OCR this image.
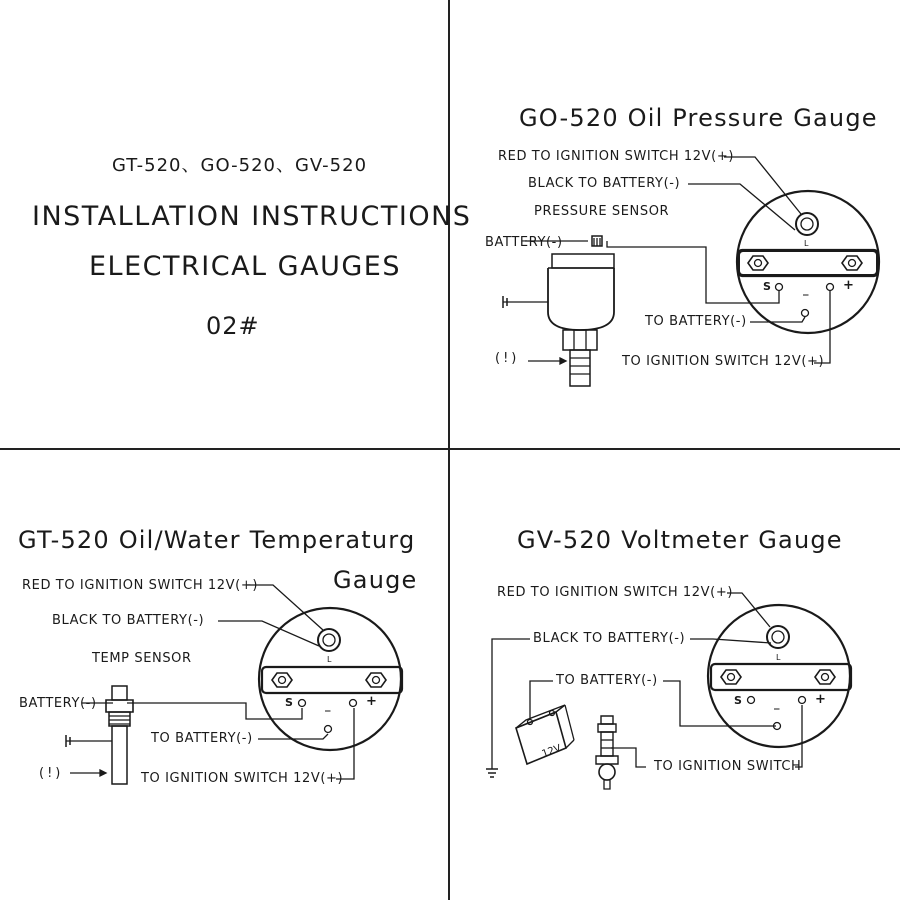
GT-520、GO-520、GV-520
INSTALLATION INSTRUCTIONS
ELECTRICAL GAUGES
02#
GO-520 Oil Pressure Gauge
RED TO IGNITION SWITCH 12V(+)
BLACK TO BATTERY(-)
PRESSURE SENSOR
BATTERY(-)
TO BATTERY(-)
TO IGNITION SWITCH 12V(+)
(!)
S	_	+
L
GT-520 Oil/Water Temperaturg
Gauge
RED TO IGNITION SWITCH 12V(+)
BLACK TO BATTERY(-)
TEMP SENSOR
BATTERY(-)
TO BATTERY(-)
TO IGNITION SWITCH 12V(+)
(!)
S	_	+
L
GV-520 Voltmeter Gauge
RED TO IGNITION SWITCH 12V(+)
BLACK TO BATTERY(-)
TO BATTERY(-)
TO IGNITION SWITCH
12V
S	_	+
L
